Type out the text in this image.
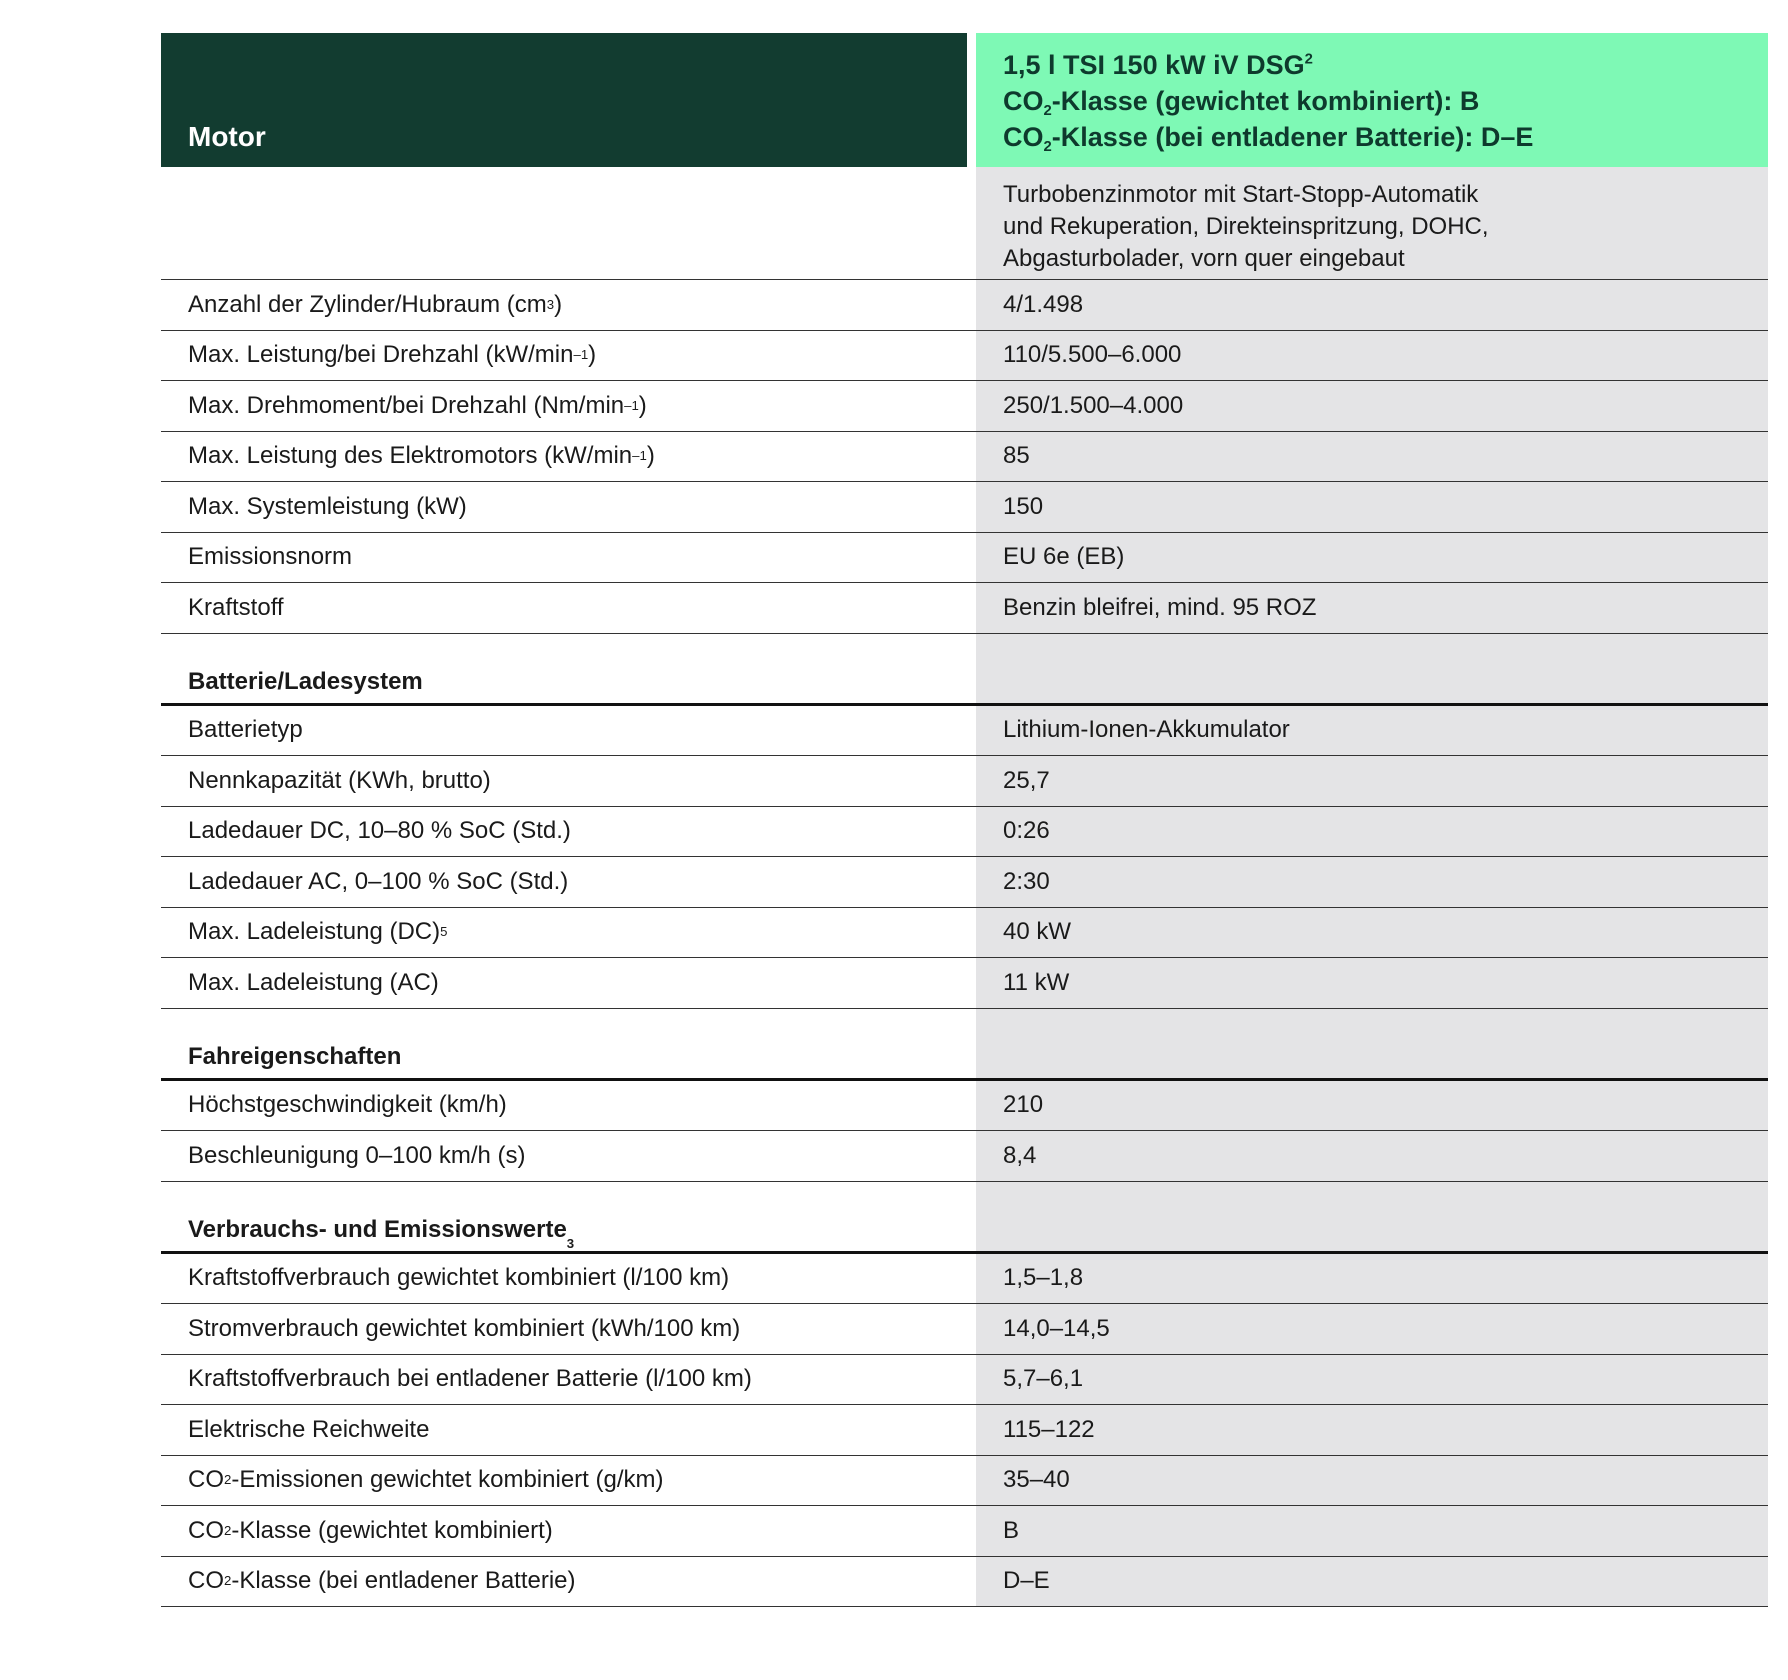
Motor
1,5 l TSI 150 kW iV DSG$^2$
$CO_2$-Klasse (gewichtet kombiniert): B
$CO_2$-Klasse (bei entladener Batterie): D–E
Turbobenzinmotor mit Start-Stopp-Automatik
und Rekuperation, Direkteinspritzung, DOHC,
Abgasturbolader, vorn quer eingebaut
Anzahl der Zylinder/Hubraum (cm 3 )	4/1.498
Max. Leistung/bei Drehzahl (kW/min –1 )	110/5.500–6.000
Max. Drehmoment/bei Drehzahl (Nm/min –1 )	250/1.500–4.000
Max. Leistung des Elektromotors (kW/min –1 )	85
Max. Systemleistung (kW)	150
Emissionsnorm	EU 6e (EB)
Kraftstoff	Benzin bleifrei, mind. 95 ROZ
Batterie/Ladesystem
Batterietyp	Lithium-Ionen-Akkumulator
Nennkapazität (KWh, brutto)	25,7
Ladedauer DC, 10–80 % SoC (Std.)	0:26
Ladedauer AC, 0–100 % SoC (Std.)	2:30
Max. Ladeleistung (DC) 5	40 kW
Max. Ladeleistung (AC)	11 kW
Fahreigenschaften
Höchstgeschwindigkeit (km/h)	210
Beschleunigung 0–100 km/h (s)	8,4
Verbrauchs- und Emissionswerte
3
Kraftstoffverbrauch gewichtet kombiniert (l/100 km)	1,5–1,8
Stromverbrauch gewichtet kombiniert (kWh/100 km)	14,0–14,5
Kraftstoffverbrauch bei entladener Batterie (l/100 km)	5,7–6,1
Elektrische Reichweite	115–122
CO 2 -Emissionen gewichtet kombiniert (g/km)	35–40
CO 2 -Klasse (gewichtet kombiniert)	B
CO 2 -Klasse (bei entladener Batterie)	D–E
